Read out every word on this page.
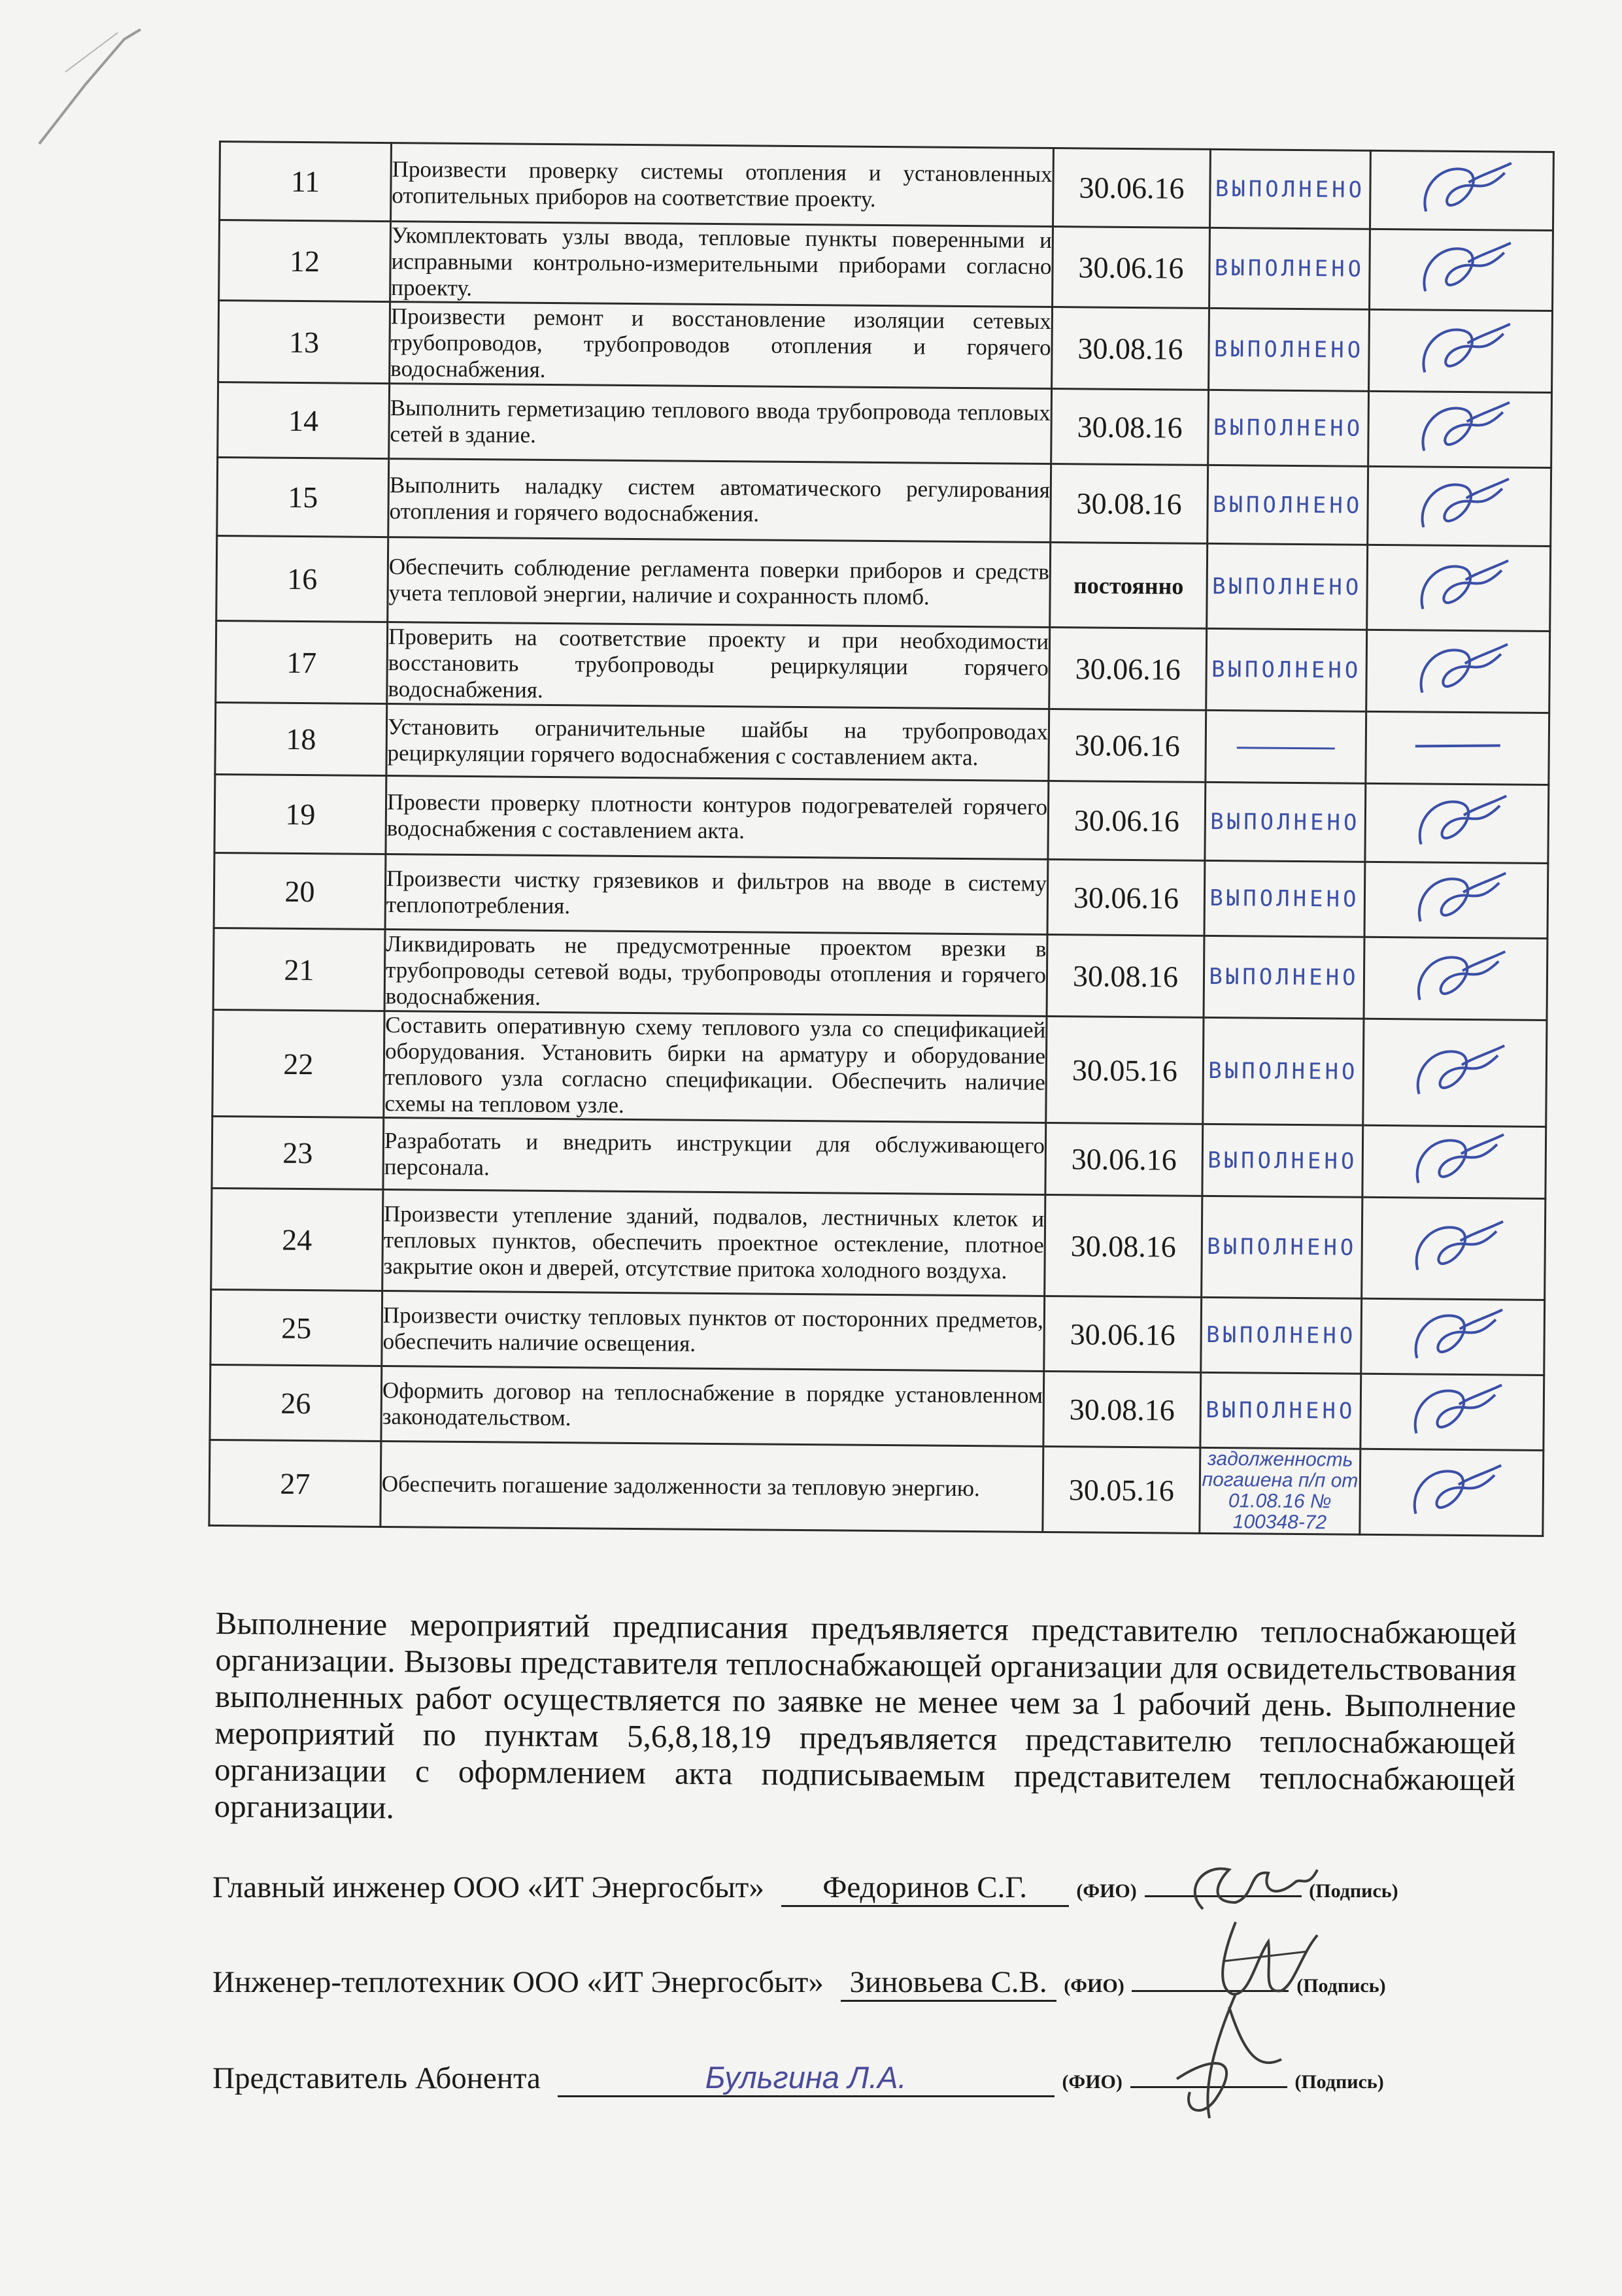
11	Произвести проверку системы отопления и установленных отопительных приборов на соответствие проекту.	30.06.16	ВЫПОЛНЕНО	
12	Укомплектовать узлы ввода, тепловые пункты поверенными и исправными контрольно-измерительными приборами согласно проекту.	30.06.16	ВЫПОЛНЕНО	
13	Произвести ремонт и восстановление изоляции сетевых трубопроводов, трубопроводов отопления и горячего водоснабжения.	30.08.16	ВЫПОЛНЕНО	
14	Выполнить герметизацию теплового ввода трубопровода тепловых сетей в здание.	30.08.16	ВЫПОЛНЕНО	
15	Выполнить наладку систем автоматического регулирования отопления и горячего водоснабжения.	30.08.16	ВЫПОЛНЕНО	
16	Обеспечить соблюдение регламента поверки приборов и средств учета тепловой энергии, наличие и сохранность пломб.	постоянно	ВЫПОЛНЕНО	
17	Проверить на соответствие проекту и при необходимости восстановить трубопроводы рециркуляции горячего водоснабжения.	30.06.16	ВЫПОЛНЕНО	
18	Установить ограничительные шайбы на трубопроводах рециркуляции горячего водоснабжения с составлением акта.	30.06.16		
19	Провести проверку плотности контуров подогревателей горячего водоснабжения с составлением акта.	30.06.16	ВЫПОЛНЕНО	
20	Произвести чистку грязевиков и фильтров на вводе в систему теплопотребления.	30.06.16	ВЫПОЛНЕНО	
21	Ликвидировать не предусмотренные проектом врезки в трубопроводы сетевой воды, трубопроводы отопления и горячего водоснабжения.	30.08.16	ВЫПОЛНЕНО	
22	Составить оперативную схему теплового узла со спецификацией оборудования. Установить бирки на арматуру и оборудование теплового узла согласно спецификации. Обеспечить наличие схемы на тепловом узле.	30.05.16	ВЫПОЛНЕНО	
23	Разработать и внедрить инструкции для обслуживающего персонала.	30.06.16	ВЫПОЛНЕНО	
24	Произвести утепление зданий, подвалов, лестничных клеток и тепловых пунктов, обеспечить проектное остекление, плотное закрытие окон и дверей, отсутствие притока холодного воздуха.	30.08.16	ВЫПОЛНЕНО	
25	Произвести очистку тепловых пунктов от посторонних предметов, обеспечить наличие освещения.	30.06.16	ВЫПОЛНЕНО	
26	Оформить договор на теплоснабжение в порядке установленном законодательством.	30.08.16	ВЫПОЛНЕНО	
27	Обеспечить погашение задолженности за тепловую энергию.	30.05.16	задолженность погашена п/п от 01.08.16 № 100348-72

Выполнение мероприятий предписания предъявляется представителю теплоснабжающей организации. Вызовы представителя теплоснабжающей организации для освидетельствования выполненных работ осуществляется по заявке не менее чем за 1 рабочий день. Выполнение мероприятий по пунктам 5,6,8,18,19 предъявляется представителю теплоснабжающей организации с оформлением акта подписываемым представителем теплоснабжающей организации.
Главный инженер ООО «ИТ Энергосбыт» Федоринов С.Г.	(ФИО)	(Подпись)
Инженер-теплотехник ООО «ИТ Энергосбыт» Зиновьева С.В. (ФИО)	(Подпись)
Представитель Абонента	Бульгина Л.А.	(ФИО)	(Подпись)
